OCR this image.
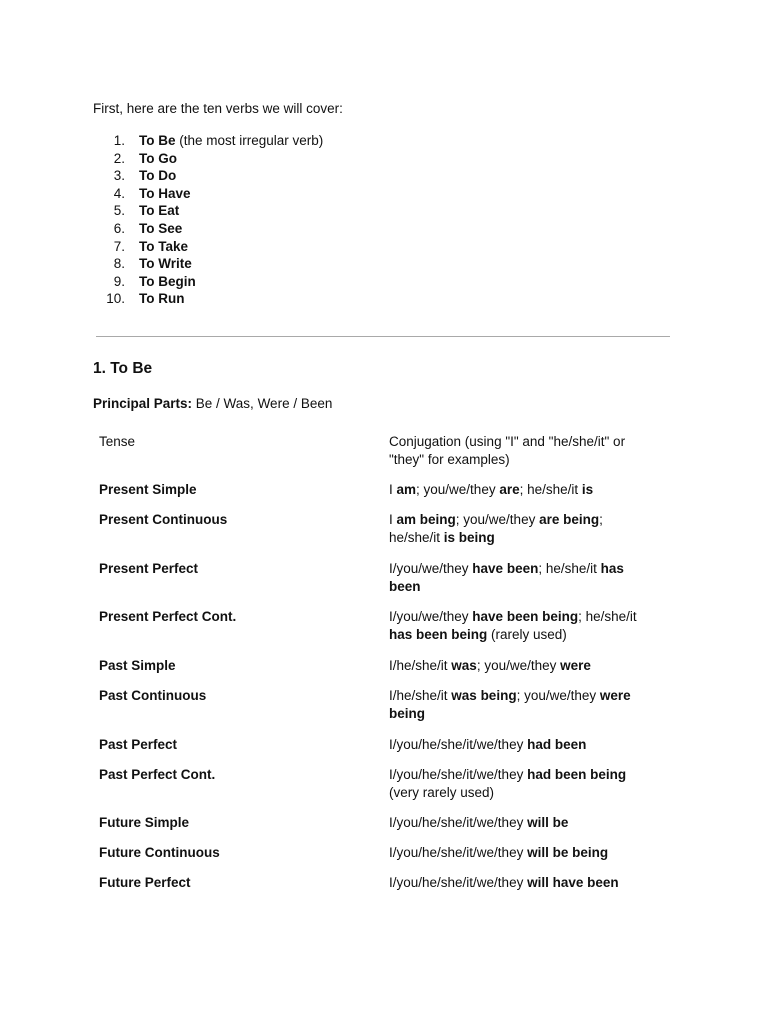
First, here are the ten verbs we will cover:

1. To Be (the most irregular verb)
2. To Go
3. To Do
4. To Have
5. To Eat
6. To See
7. To Take
8. To Write
9. To Begin
10. To Run
1. To Be

Principal Parts: Be / Was, Were / Been

Tense	Conjugation (using "I" and "he/she/it" or "they" for examples)
Present Simple	I am; you/we/they are; he/she/it is
Present Continuous	I am being; you/we/they are being; he/she/it is being
Present Perfect	I/you/we/they have been; he/she/it has been
Present Perfect Cont.	I/you/we/they have been being; he/she/it has been being (rarely used)
Past Simple	I/he/she/it was; you/we/they were
Past Continuous	I/he/she/it was being; you/we/they were being
Past Perfect	I/you/he/she/it/we/they had been
Past Perfect Cont.	I/you/he/she/it/we/they had been being (very rarely used)
Future Simple	I/you/he/she/it/we/they will be
Future Continuous	I/you/he/she/it/we/they will be being
Future Perfect	I/you/he/she/it/we/they will have been
